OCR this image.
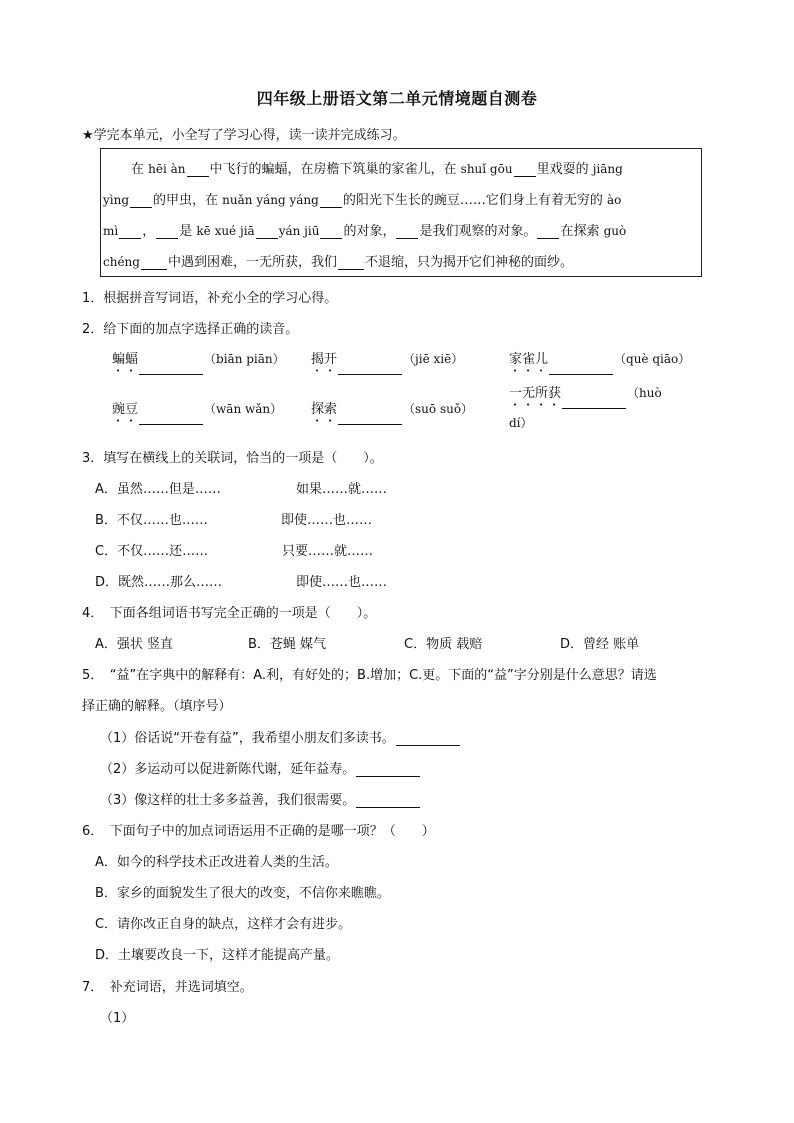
四年级上册语文第二单元情境题自测卷
★学完本单元，小全写了学习心得，读一读并完成练习。
在 hēi àn 中飞行的蝙蝠，在房檐下筑巢的家雀儿，在 shuǐ gōu 里戏耍的 jiāng
yìng 的甲虫，在 nuǎn yáng yáng 的阳光下生长的豌豆……它们身上有着无穷的 ào
mì ， 是 kē xué jiā yán jiū 的对象， 是我们观察的对象。 在探索 guò
chéng 中遇到困难，一无所获，我们 不退缩，只为揭开它们神秘的面纱。
1．根据拼音写词语，补充小全的学习心得。
2．给下面的加点字选择正确的读音。
蝙蝠	（biān piān） 揭开	（jiē xiē）	家雀儿	（què qiāo）
豌豆	（wān wǎn） 探索	（suō suǒ）
一无所获	（huò
dí）
3．填写在横线上的关联词，恰当的一项是（　　）。
A．虽然……但是……	如果……就……
B．不仅……也……	即使……也……
C．不仅……还……	只要……就……
D．既然……那么……	即使……也……
4．　下面各组词语书写完全正确的一项是（　　）。
A．强状 竖直	B．苍蝇 媒气	C．物质 载赔	D．曾经 账单
5．　“益”在字典中的解释有：A.利，有好处的；B.增加；C.更。下面的“益”字分别是什么意思？请选
择正确的解释。（填序号）
（1）俗话说“开卷有益”，我希望小朋友们多读书。
（2）多运动可以促进新陈代谢，延年益寿。
（3）像这样的壮士多多益善，我们很需要。
6．　下面句子中的加点词语运用不正确的是哪一项？（　　）
A．如今的科学技术正改进着人类的生活。
B．家乡的面貌发生了很大的改变，不信你来瞧瞧。
C．请你改正自身的缺点，这样才会有进步。
D．土壤要改良一下，这样才能提高产量。
7．　补充词语，并选词填空。
（1）
